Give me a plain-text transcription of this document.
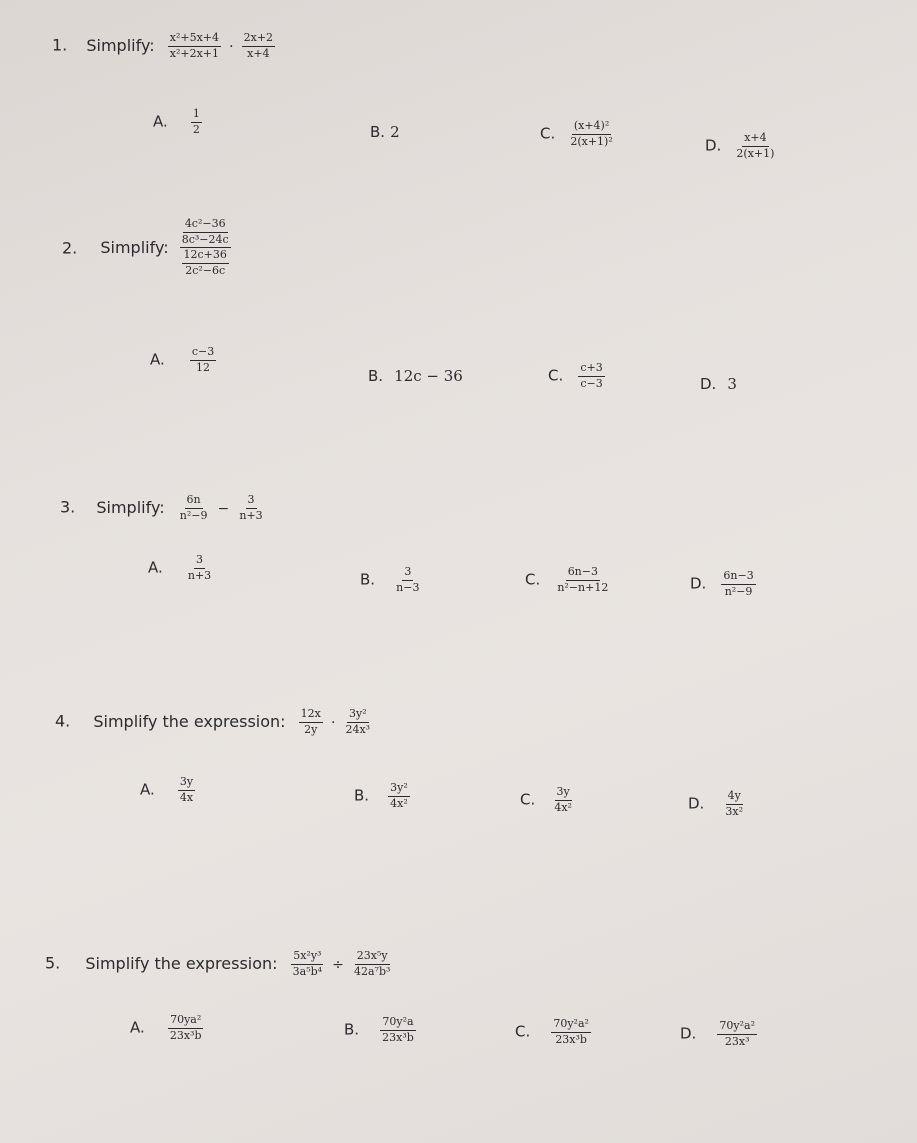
1. Simplify: $\frac{\text{x²+5x+4}}{\text{x²+2x+1}} \cdot \frac{2x+2}{x+4}$
A. $\frac{1}{2}$	B. 2	C. $\frac{\text{(x+4)²}}{\text{2(x+1)²}}$	D. $\frac{x+4}{2(x+1)}$
2. Simplify: $\frac{\frac{\text{4c²−36}}{\text{8c³−24c}}}{\frac{12c+36}{\text{2c²−6c}}}$
A. $\frac{c-3}{12}$
B. 12c − 36	C. $\frac{c+3}{c-3}$	D. 3
3. Simplify: $\frac{6n}{\text{n²−9}} - \frac{3}{n+3}$
A. $\frac{3}{n+3}$	B. $\frac{3}{n-3}$	C. $\frac{6n-3}{\text{n²−n+12}}$	D. $\frac{6n-3}{\text{n²−9}}$
4. Simplify the expression: $\frac{12x}{2y} \cdot \frac{\text{3y²}}{\text{24x³}}$
A. $\frac{3y}{4x}$	B. $\frac{\text{3y²}}{\text{4x²}}$	C. $\frac{3y}{\text{4x²}}$	D. $\frac{4y}{\text{3x²}}$
5. Simplify the expression: $\frac{\text{5x²y³}}{\text{3a⁵b⁴}} \div \frac{\text{23x⁵y}}{\text{42a⁷b³}}$
A. $\frac{\text{70ya²}}{\text{23x³b}}$	B. $\frac{\text{70y²a}}{\text{23x³b}}$	C. $\frac{\text{70y²a²}}{\text{23x³b}}$	D. $\frac{\text{70y²a²}}{\text{23x³}}$
